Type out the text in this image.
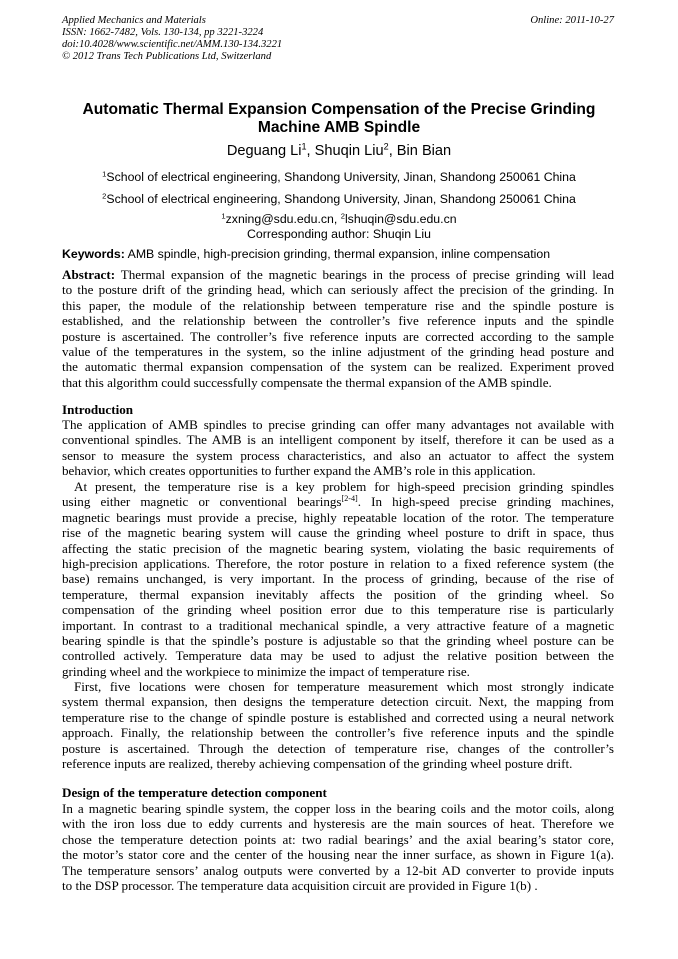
Applied Mechanics and Materials
ISSN: 1662-7482, Vols. 130-134, pp 3221-3224
doi:10.4028/www.scientific.net/AMM.130-134.3221
© 2012 Trans Tech Publications Ltd, Switzerland
Online: 2011-10-27
Automatic Thermal Expansion Compensation of the Precise Grinding
Machine AMB Spindle
Deguang Li$^1$, Shuqin Liu$^2$, Bin Bian
$^1$School of electrical engineering, Shandong University, Jinan, Shandong 250061 China
$^2$School of electrical engineering, Shandong University, Jinan, Shandong 250061 China
$^1$zxning@sdu.edu.cn, $^2$lshuqin@sdu.edu.cn
Corresponding author: Shuqin Liu
Keywords: AMB spindle, high-precision grinding, thermal expansion, inline compensation
Abstract: Thermal expansion of the magnetic bearings in the process of precise grinding will lead
to the posture drift of the grinding head, which can seriously affect the precision of the grinding. In
this paper, the module of the relationship between temperature rise and the spindle posture is
established, and the relationship between the controller’s five reference inputs and the spindle
posture is ascertained. The controller’s five reference inputs are corrected according to the sample
value of the temperatures in the system, so the inline adjustment of the grinding head posture and
the automatic thermal expansion compensation of the system can be realized. Experiment proved
that this algorithm could successfully compensate the thermal expansion of the AMB spindle.
Introduction
The application of AMB spindles to precise grinding can offer many advantages not available with
conventional spindles. The AMB is an intelligent component by itself, therefore it can be used as a
sensor to measure the system process characteristics, and also an actuator to affect the system
behavior, which creates opportunities to further expand the AMB’s role in this application.
At present, the temperature rise is a key problem for high-speed precision grinding spindles
using either magnetic or conventional bearings[2-4]. In high-speed precise grinding machines,
magnetic bearings must provide a precise, highly repeatable location of the rotor. The temperature
rise of the magnetic bearing system will cause the grinding wheel posture to drift in space, thus
affecting the static precision of the magnetic bearing system, violating the basic requirements of
high-precision applications. Therefore, the rotor posture in relation to a fixed reference system (the
base) remains unchanged, is very important. In the process of grinding, because of the rise of
temperature, thermal expansion inevitably affects the position of the grinding wheel. So
compensation of the grinding wheel position error due to this temperature rise is particularly
important. In contrast to a traditional mechanical spindle, a very attractive feature of a magnetic
bearing spindle is that the spindle’s posture is adjustable so that the grinding wheel posture can be
controlled actively. Temperature data may be used to adjust the relative position between the
grinding wheel and the workpiece to minimize the impact of temperature rise.
First, five locations were chosen for temperature measurement which most strongly indicate
system thermal expansion, then designs the temperature detection circuit. Next, the mapping from
temperature rise to the change of spindle posture is established and corrected using a neural network
approach. Finally, the relationship between the controller’s five reference inputs and the spindle
posture is ascertained. Through the detection of temperature rise, changes of the controller’s
reference inputs are realized, thereby achieving compensation of the grinding wheel posture drift.
Design of the temperature detection component
In a magnetic bearing spindle system, the copper loss in the bearing coils and the motor coils, along
with the iron loss due to eddy currents and hysteresis are the main sources of heat. Therefore we
chose the temperature detection points at: two radial bearings’ and the axial bearing’s stator core,
the motor’s stator core and the center of the housing near the inner surface, as shown in Figure 1(a).
The temperature sensors’ analog outputs were converted by a 12-bit AD converter to provide inputs
to the DSP processor. The temperature data acquisition circuit are provided in Figure 1(b) .
